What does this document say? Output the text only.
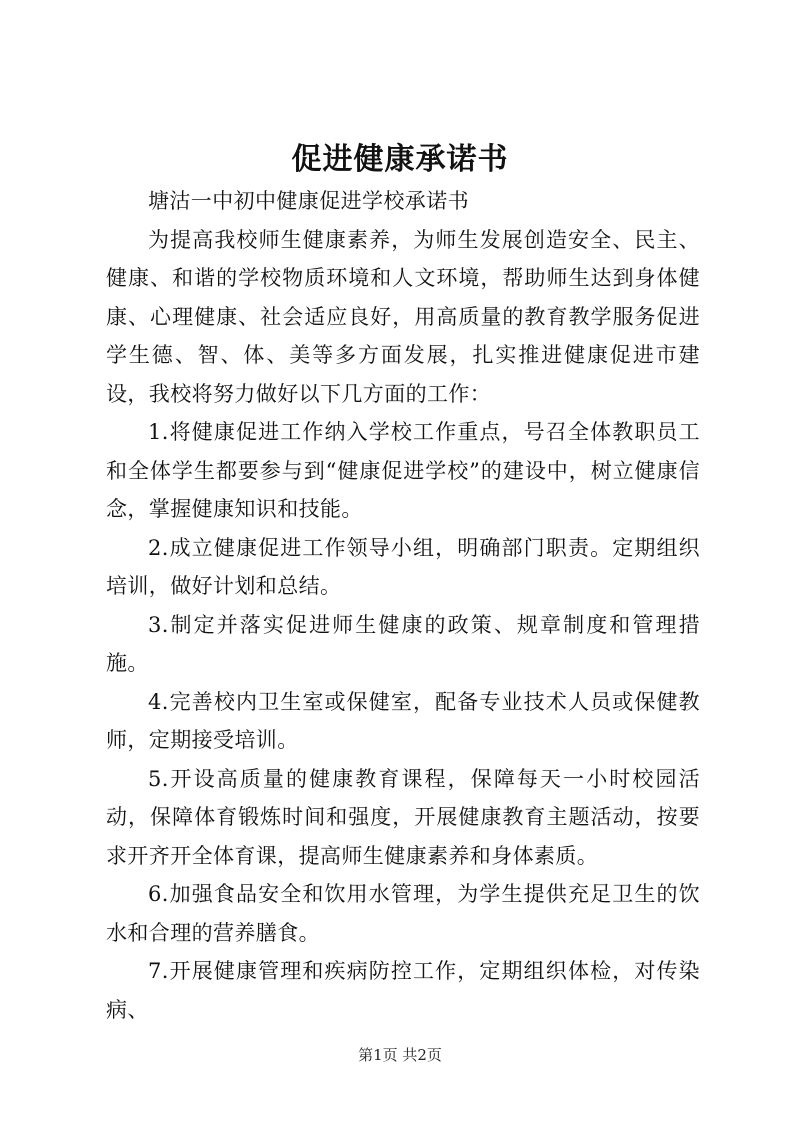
促进健康承诺书

塘沽一中初中健康促进学校承诺书

为提高我校师生健康素养，为师生发展创造安全、民主、健康、和谐的学校物质环境和人文环境，帮助师生达到身体健康、心理健康、社会适应良好，用高质量的教育教学服务促进学生德、智、体、美等多方面发展，扎实推进健康促进市建设，我校将努力做好以下几方面的工作：

1.将健康促进工作纳入学校工作重点，号召全体教职员工和全体学生都要参与到“健康促进学校”的建设中，树立健康信念，掌握健康知识和技能。

2.成立健康促进工作领导小组，明确部门职责。定期组织培训，做好计划和总结。

3.制定并落实促进师生健康的政策、规章制度和管理措施。

4.完善校内卫生室或保健室，配备专业技术人员或保健教师，定期接受培训。

5.开设高质量的健康教育课程，保障每天一小时校园活动，保障体育锻炼时间和强度，开展健康教育主题活动，按要求开齐开全体育课，提高师生健康素养和身体素质。

6.加强食品安全和饮用水管理，为学生提供充足卫生的饮水和合理的营养膳食。

7.开展健康管理和疾病防控工作，定期组织体检，对传染病、

第1页 共2页
